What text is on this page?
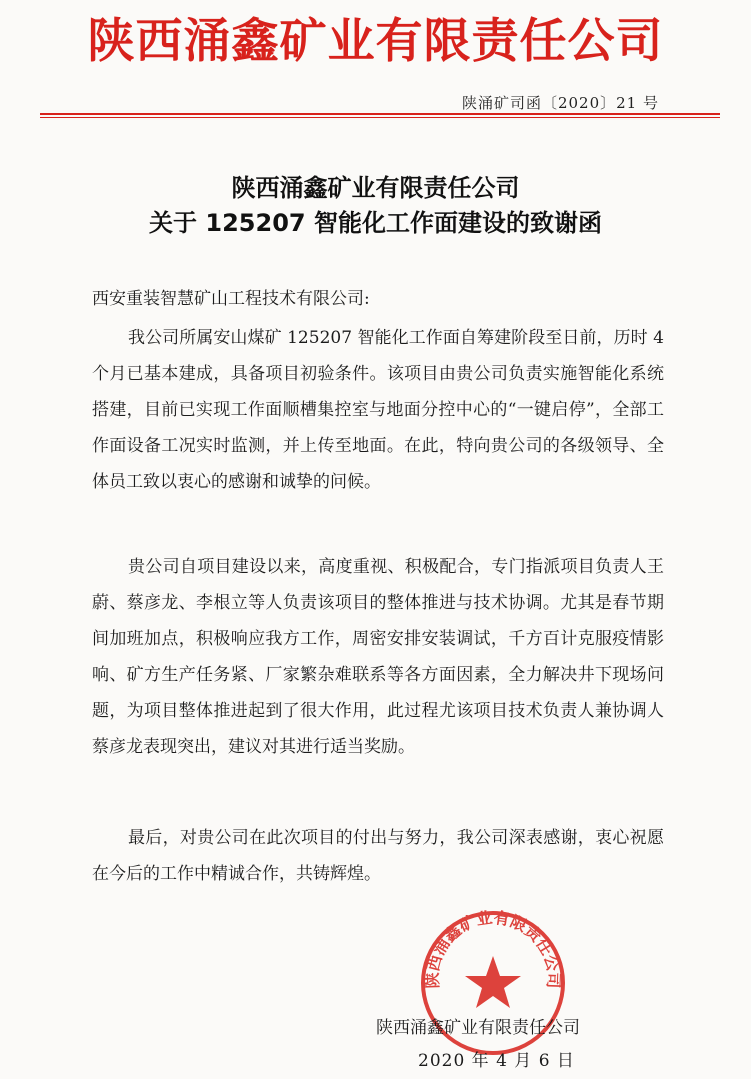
陕西涌鑫矿业有限责任公司
陕涌矿司函〔2020〕21 号
陕西涌鑫矿业有限责任公司
关于 125207 智能化工作面建设的致谢函
西安重装智慧矿山工程技术有限公司:
我公司所属安山煤矿 125207 智能化工作面自筹建阶段至日前，历时 4 个月已基本建成，具备项目初验条件。该项目由贵公司负责实施智能化系统搭建，目前已实现工作面顺槽集控室与地面分控中心的“一键启停”，全部工作面设备工况实时监测，并上传至地面。在此，特向贵公司的各级领导、全体员工致以衷心的感谢和诚挚的问候。
贵公司自项目建设以来，高度重视、积极配合，专门指派项目负责人王蔚、蔡彦龙、李根立等人负责该项目的整体推进与技术协调。尤其是春节期间加班加点，积极响应我方工作，周密安排安装调试，千方百计克服疫情影响、矿方生产任务紧、厂家繁杂难联系等各方面因素，全力解决井下现场问题，为项目整体推进起到了很大作用，此过程尤该项目技术负责人兼协调人蔡彦龙表现突出，建议对其进行适当奖励。
最后，对贵公司在此次项目的付出与努力，我公司深表感谢，衷心祝愿在今后的工作中精诚合作，共铸辉煌。
陕西涌鑫矿业有限责任公司
陕西涌鑫矿业有限责任公司
2020 年 4 月 6 日
